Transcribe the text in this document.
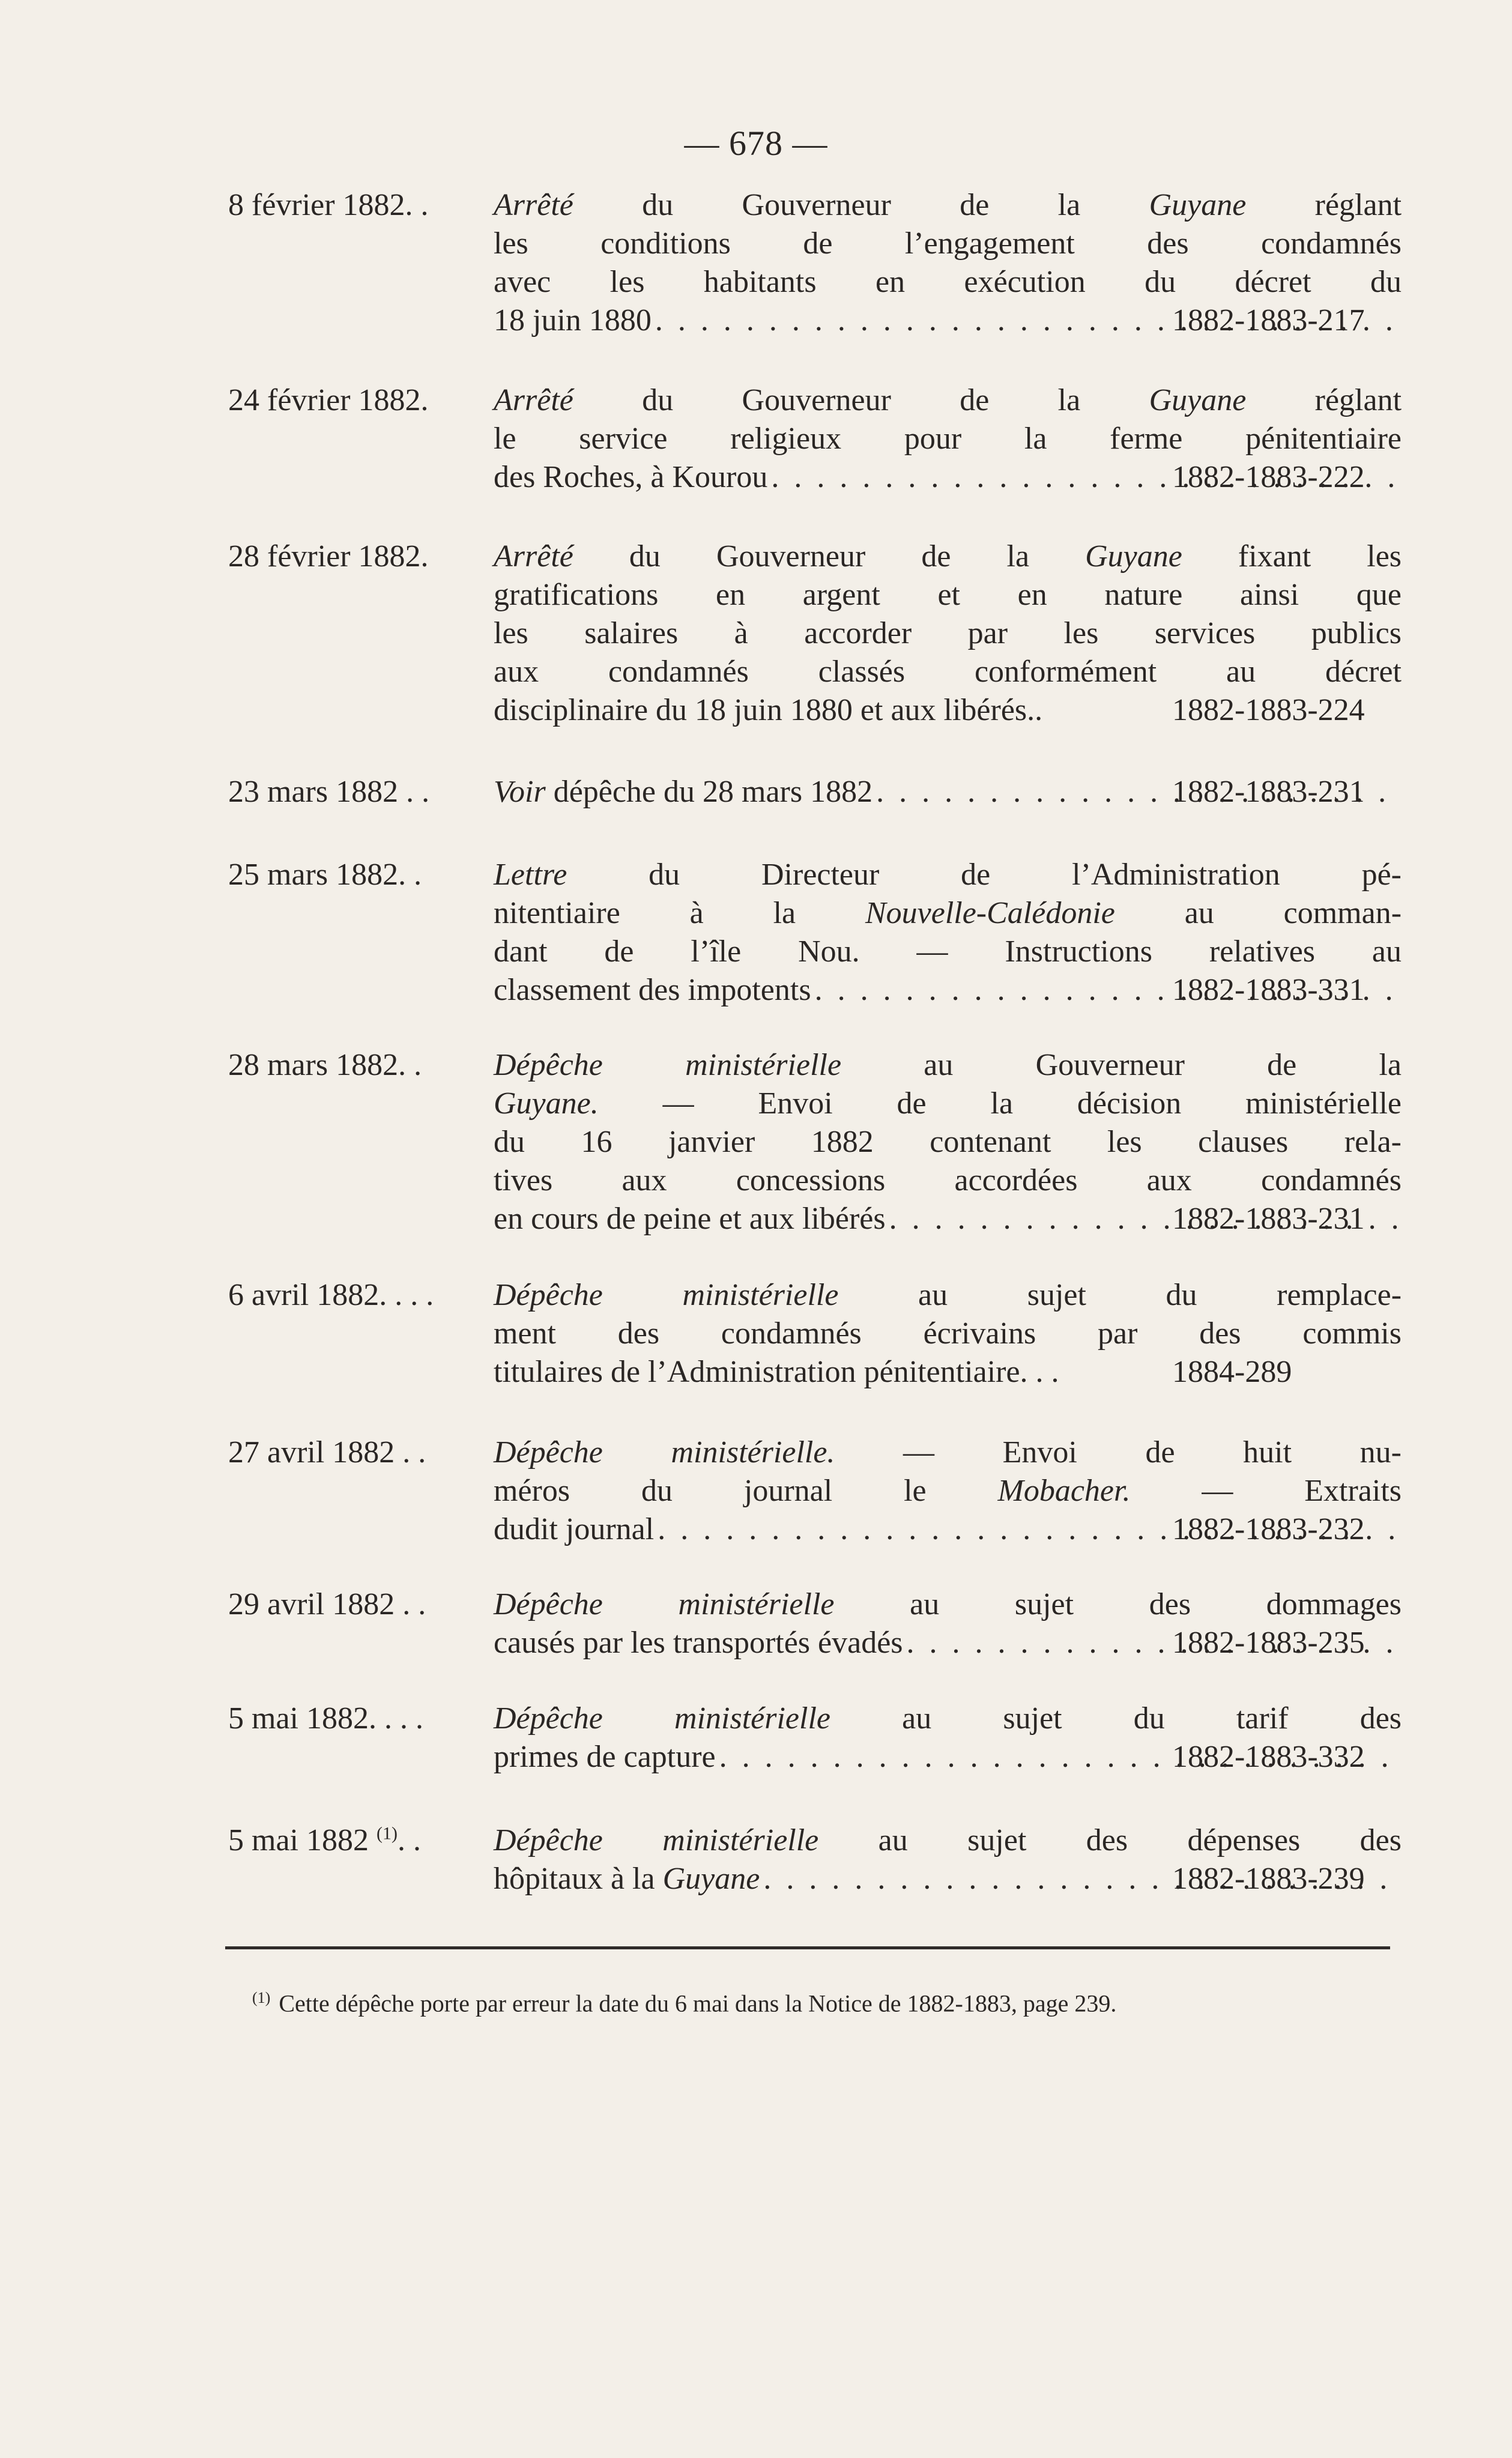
— 678 —
8 février 1882. . Arrêté du Gouverneur de la Guyane réglant
les conditions de l’engagement des condamnés
avec les habitants en exécution du décret du
18 juin 1880 . . .	1882-1883-217
24 février 1882. Arrêté du Gouverneur de la Guyane réglant
le service religieux pour la ferme pénitentiaire
des Roches, à Kourou . . .	1882-1883-222
28 février 1882. Arrêté du Gouverneur de la Guyane fixant les
gratifications en argent et en nature ainsi que
les salaires à accorder par les services publics
aux condamnés classés conformément au décret
disciplinaire du 18 juin 1880 et aux libérés..	1882-1883-224
23 mars 1882 . . Voir dépêche du 28 mars 1882 . . .	1882-1883-231
25 mars 1882. . Lettre	du Directeur de l’Administration pé-
nitentiaire à la Nouvelle-Calédonie au comman-
dant de l’île Nou. — Instructions relatives au
classement des impotents . . .	1882-1883-331
28 mars 1882. . Dépêche ministérielle	au Gouverneur de la
Guyane. — Envoi de la décision ministérielle
du 16 janvier 1882 contenant les clauses rela-
tives aux concessions accordées aux condamnés
en cours de peine et aux libérés . . .	1882-1883-231
6 avril 1882. . . . Dépêche ministérielle	au sujet du remplace-
ment des condamnés écrivains par des commis
titulaires de l’Administration pénitentiaire. . .	1884-289
27 avril 1882 . . Dépêche ministérielle. — Envoi de huit nu-
méros du journal le Mobacher. — Extraits
dudit journal . . .	1882-1883-232
29 avril 1882 . . Dépêche ministérielle au sujet des dommages
causés par les transportés évadés . . .	1882-1883-235
5 mai 1882. . . . Dépêche ministérielle au sujet du tarif des
primes de capture . . .	1882-1883-332
5 mai 1882 $^{(1)}$. . Dépêche ministérielle au sujet des dépenses des
hôpitaux à la Guyane . . .	1882-1883-239
$^{(1)}$ Cette dépêche porte par erreur la date du 6 mai dans la Notice de 1882-1883, page 239.
